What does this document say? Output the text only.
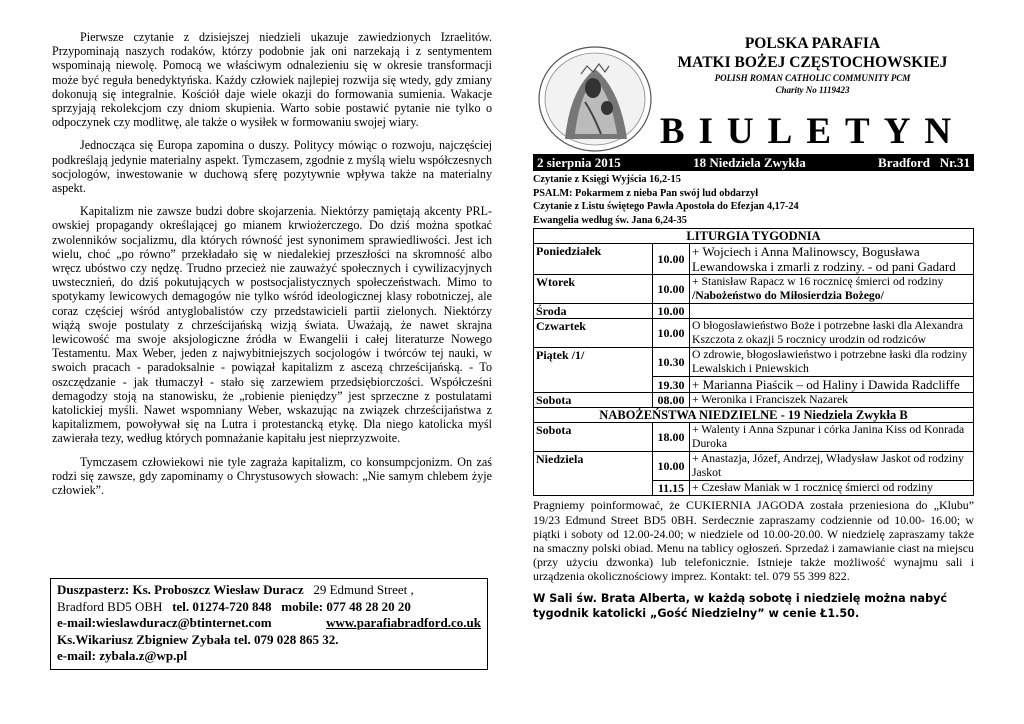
Pierwsze czytanie z dzisiejszej niedzieli ukazuje zawiedzionych Izraelitów. Przypominają naszych rodaków, którzy podobnie jak oni narzekają i z sentymentem wspominają niewolę. Pomocą we właściwym odnalezieniu się w okresie transformacji może być reguła benedyktyńska. Każdy człowiek najlepiej rozwija się wtedy, gdy zmiany dokonują się integralnie. Kościół daje wiele okazji do formowania sumienia. Wakacje sprzyjają rekolekcjom czy dniom skupienia. Warto sobie postawić pytanie nie tylko o odpoczynek czy modlitwę, ale także o wysiłek w formowaniu swojej wiary.

Jednocząca się Europa zapomina o duszy. Politycy mówiąc o rozwoju, najczęściej podkreślają jedynie materialny aspekt. Tymczasem, zgodnie z myślą wielu współczesnych socjologów, inwestowanie w duchową sferę pozytywnie wpływa także na materialny aspekt.

Kapitalizm nie zawsze budzi dobre skojarzenia. Niektórzy pamiętają akcenty PRL-owskiej propagandy określającej go mianem krwiożerczego. Do dziś można spotkać zwolenników socjalizmu, dla których równość jest synonimem sprawiedliwości. Jest ich wielu, choć „po równo” przekładało się w niedalekiej przeszłości na skromność albo wręcz ubóstwo czy nędzę. Trudno przecież nie zauważyć społecznych i cywilizacyjnych uwstecznień, do dziś pokutujących w postsocjalistycznych społeczeństwach. Mimo to spotykamy lewicowych demagogów nie tylko wśród ideologicznej klasy robotniczej, ale coraz częściej wśród antyglobalistów czy przedstawicieli partii zielonych. Niektórzy wiążą swoje postulaty z chrześcijańską wizją świata. Uważają, że nawet skrajna lewicowość ma swoje aksjologiczne źródła w Ewangelii i całej literaturze Nowego Testamentu. Max Weber, jeden z najwybitniejszych socjologów i twórców tej nauki, w swoich pracach - paradoksalnie - powiązał kapitalizm z ascezą chrześcijańską. - To oszczędzanie - jak tłumaczył - stało się zarzewiem przedsiębiorczości. Współcześni demagodzy stoją na stanowisku, że „robienie pieniędzy” jest sprzeczne z postulatami katolickiej myśli. Nawet wspomniany Weber, wskazując na związek chrześcijaństwa z kapitalizmem, powoływał się na Lutra i protestancką etykę. Dla niego katolicka myśl zawierała tezy, według których pomnażanie kapitału jest nieprzyzwoite.

Tymczasem człowiekowi nie tyle zagraża kapitalizm, co konsumpcjonizm. On zaś rodzi się zawsze, gdy zapominamy o Chrystusowych słowach: „Nie samym chlebem żyje człowiek”.

Duszpasterz: Ks. Proboszcz Wiesław Duracz 29 Edmund Street ,
Bradford BD5 OBH tel. 01274-720 848 mobile: 077 48 28 20 20
e-mail:wieslawduracz@btinternet.com	www.parafiabradford.co.uk
Ks.Wikariusz Zbigniew Zybała tel. 079 028 865 32.
e-mail: zybala.z@wp.pl
POLSKA PARAFIA
MATKI BOŻEJ CZĘSTOCHOWSKIEJ
POLISH ROMAN CATHOLIC COMMUNITY PCM
Charity No 1119423
BIULETYN
2 sierpnia 2015	18 Niedziela Zwykła	Bradford Nr.31
Czytanie z Księgi Wyjścia 16,2-15
PSALM: Pokarmem z nieba Pan swój lud obdarzył
Czytanie z Listu świętego Pawła Apostoła do Efezjan 4,17-24
Ewangelia według św. Jana 6,24-35
LITURGIA TYGODNIA		
Poniedziałek	10.00	+ Wojciech i Anna Malinowscy, Bogusława Lewandowska i zmarli z rodziny. - od pani Gadard
Wtorek	10.00	+ Stanisław Rapacz w 16 rocznicę śmierci od rodziny
/Nabożeństwo do Miłosierdzia Bożego/

Środa	10.00	
Czwartek	10.00	O błogosławieństwo Boże i potrzebne łaski dla Alexandra Kszczota z okazji 5 rocznicy urodzin od rodziców
Piątek /1/	10.30	O zdrowie, błogosławieństwo i potrzebne łaski dla rodziny Lewalskich i Pniewskich
	19.30	+ Marianna Piaścik – od Haliny i Dawida Radcliffe
Sobota	08.00	+ Weronika i Franciszek Nazarek
NABOŻEŃSTWA NIEDZIELNE - 19 Niedziela Zwykła B		
Sobota	18.00	+ Walenty i Anna Szpunar i córka Janina Kiss od Konrada Duroka
Niedziela	10.00	+ Anastazja, Józef, Andrzej, Władysław Jaskot od rodziny Jaskot
	11.15	+ Czesław Maniak w 1 rocznicę śmierci od rodziny
Pragniemy poinformować, że CUKIERNIA JAGODA została przeniesiona do „Klubu” 19/23 Edmund Street BD5 0BH. Serdecznie zapraszamy codziennie od 10.00- 16.00; w piątki i soboty od 12.00-24.00; w niedziele od 10.00-20.00. W niedzielę zapraszamy także na smaczny polski obiad. Menu na tablicy ogłoszeń. Sprzedaż i zamawianie ciast na miejscu (przy użyciu dzwonka) lub telefonicznie. Istnieje także możliwość wynajmu sali i urządzenia okolicznościowy imprez. Kontakt: tel. 079 55 399 822.
W Sali św. Brata Alberta, w każdą sobotę i niedzielę można nabyć tygodnik katolicki „Gość Niedzielny” w cenie Ł1.50.
